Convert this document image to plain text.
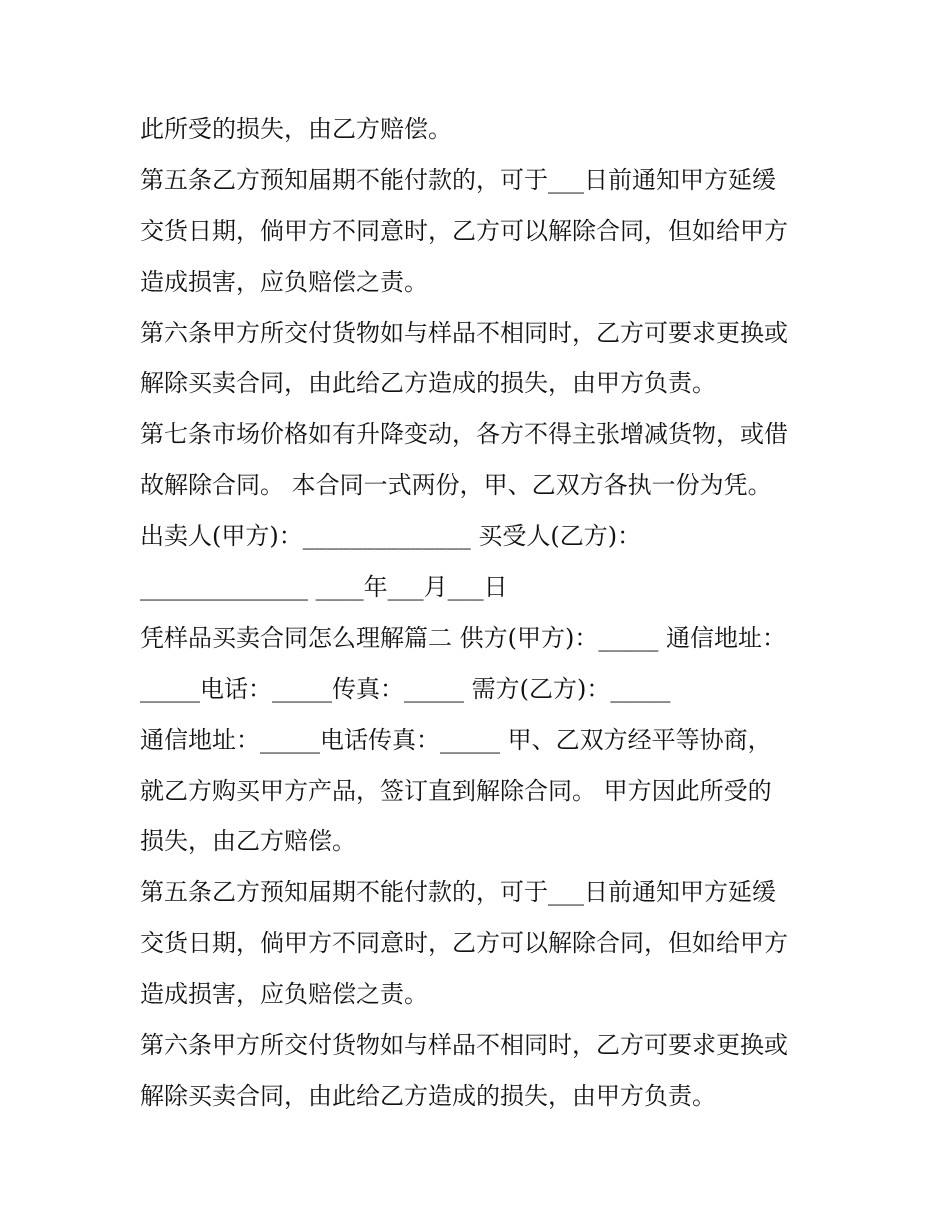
此所受的损失，由乙方赔偿。
第五条乙方预知届期不能付款的，可于___日前通知甲方延缓
交货日期，倘甲方不同意时，乙方可以解除合同，但如给甲方
造成损害，应负赔偿之责。
第六条甲方所交付货物如与样品不相同时，乙方可要求更换或
解除买卖合同，由此给乙方造成的损失，由甲方负责。
第七条市场价格如有升降变动，各方不得主张增减货物，或借
故解除合同。 本合同一式两份，甲、乙双方各执一份为凭。
出卖人(甲方)：______________ 买受人(乙方)：
______________ ____年___月___日
凭样品买卖合同怎么理解篇二 供方(甲方)：_____ 通信地址：
_____电话：_____传真：_____ 需方(乙方)：_____
通信地址：_____电话传真：_____ 甲、乙双方经平等协商，
就乙方购买甲方产品，签订直到解除合同。 甲方因此所受的
损失，由乙方赔偿。
第五条乙方预知届期不能付款的，可于___日前通知甲方延缓
交货日期，倘甲方不同意时，乙方可以解除合同，但如给甲方
造成损害，应负赔偿之责。
第六条甲方所交付货物如与样品不相同时，乙方可要求更换或
解除买卖合同，由此给乙方造成的损失，由甲方负责。
